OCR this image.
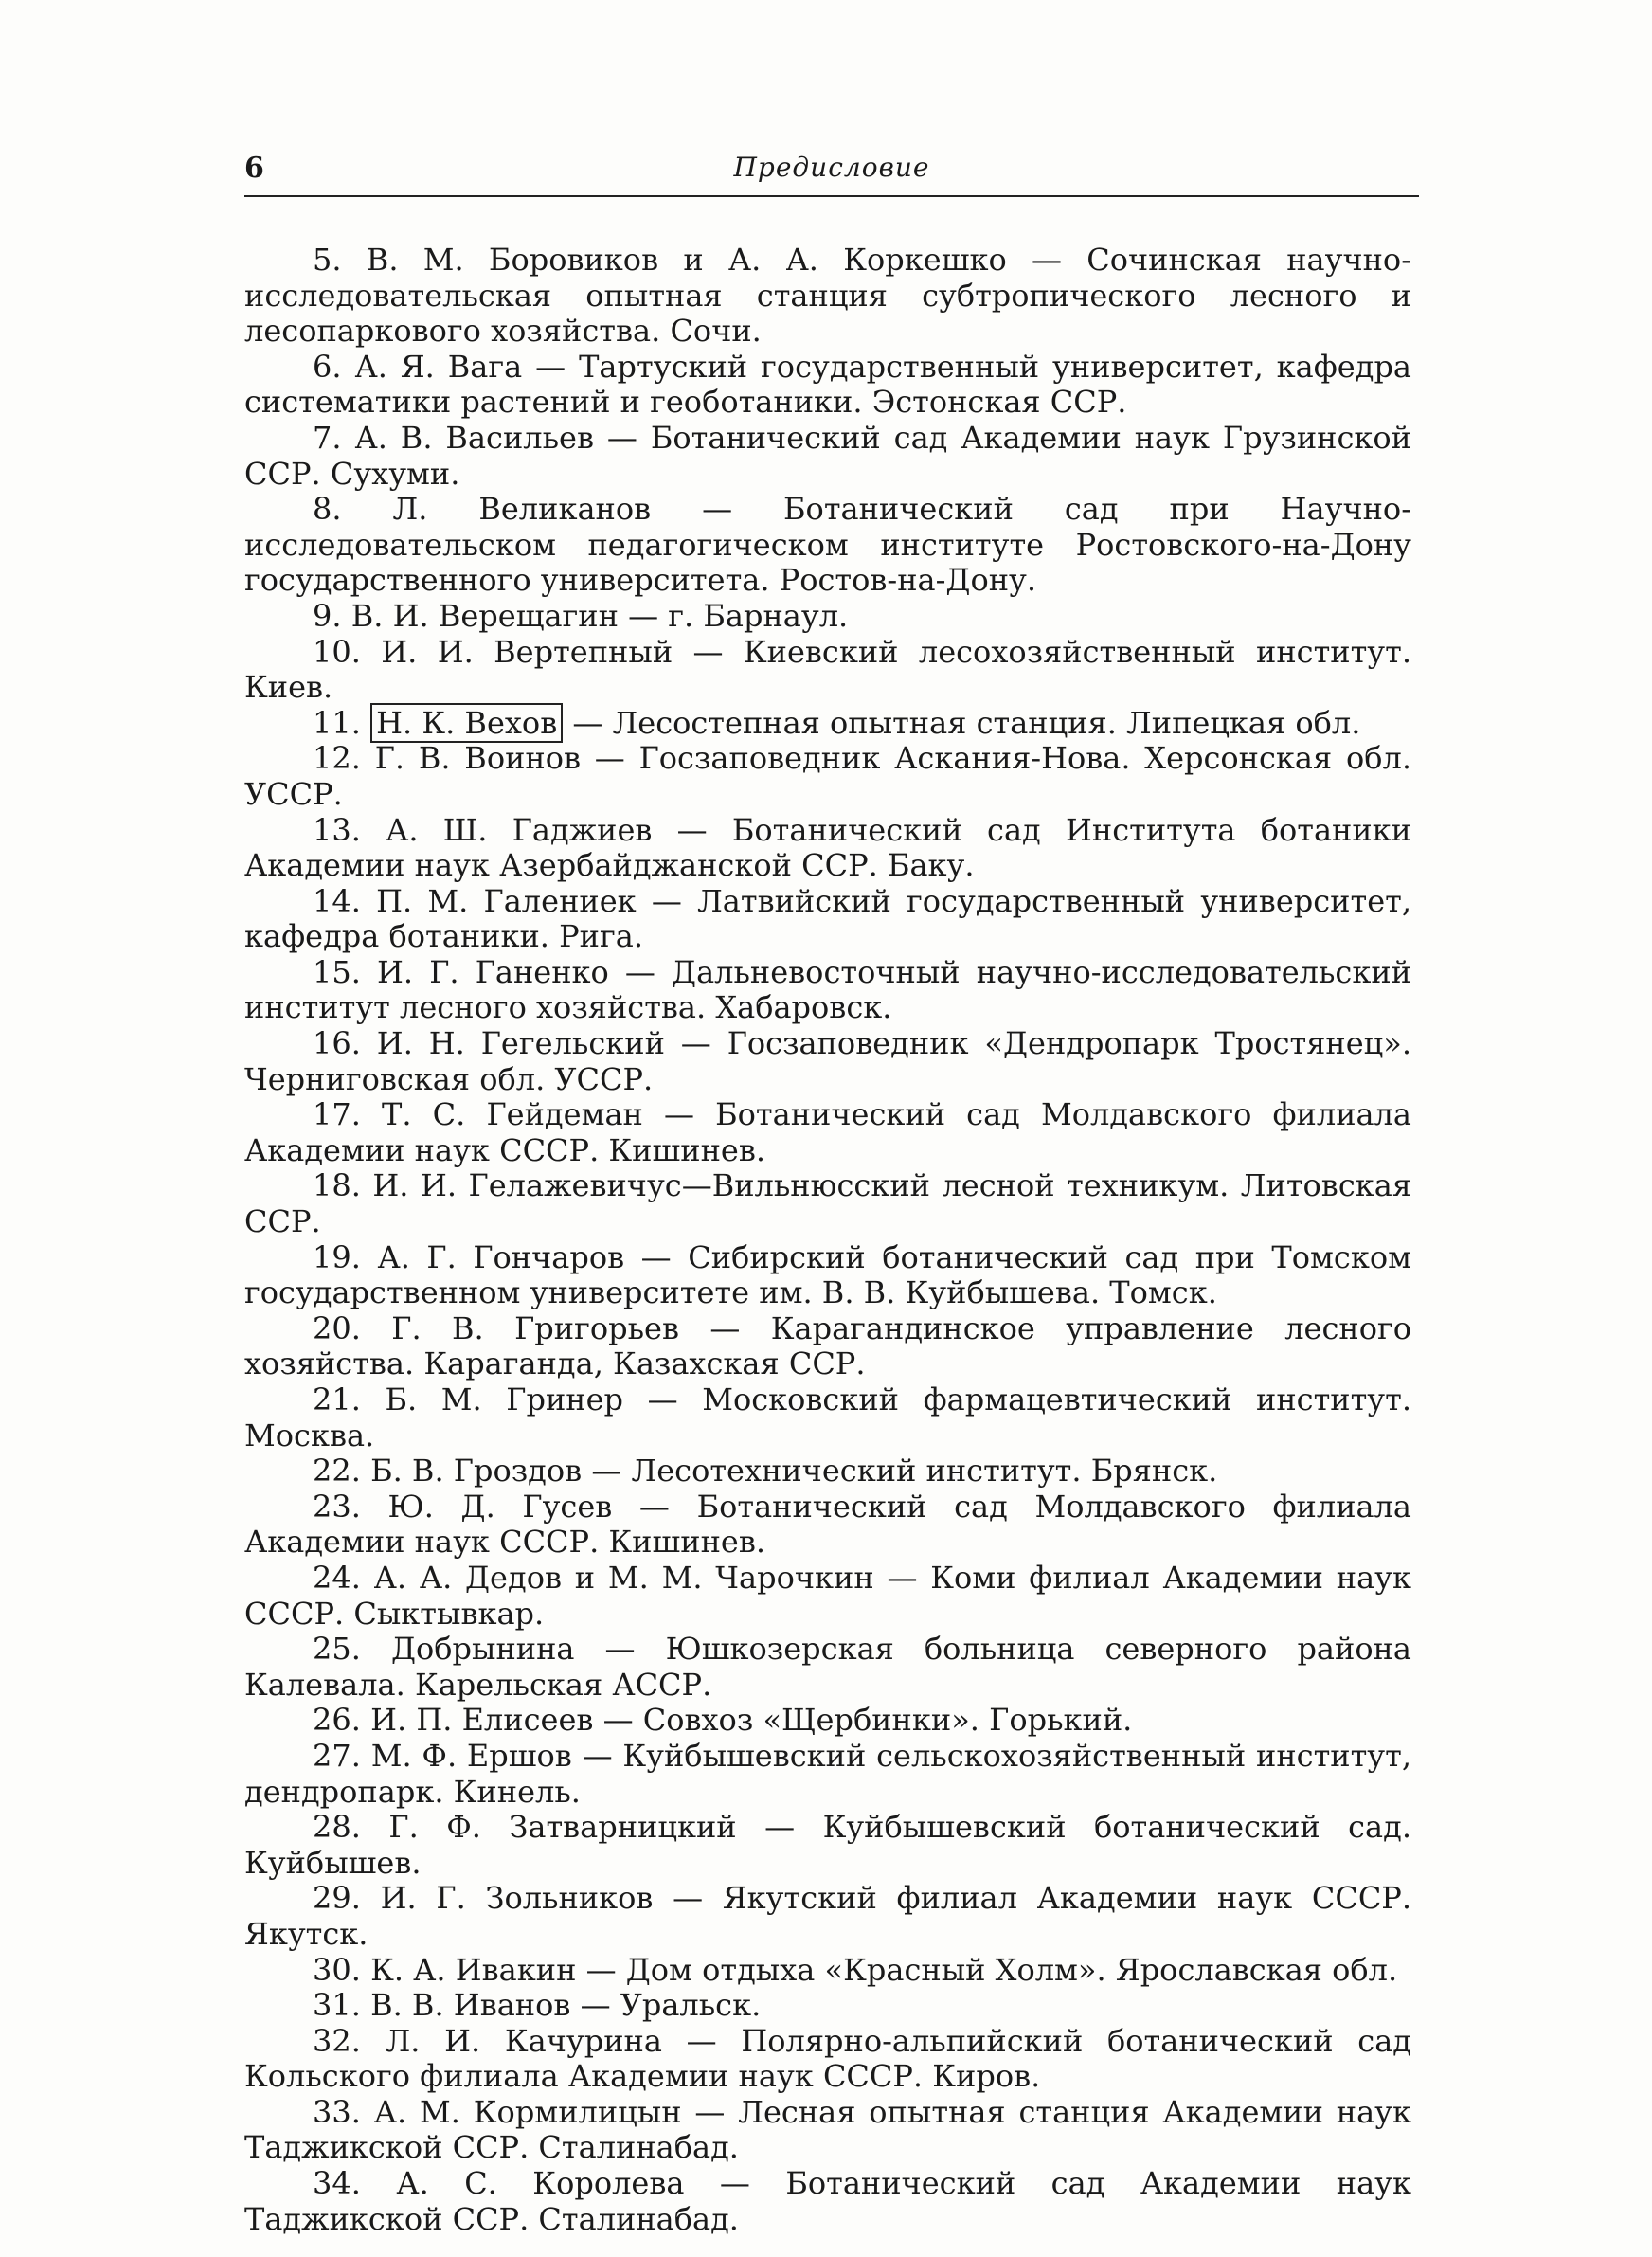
6	Предисловие

5. В. М. Боровиков и А. А. Коркешко — Сочинская научно-исследовательская опытная станция субтропического лесного и лесопаркового хозяйства. Сочи.

6. А. Я. Вага — Тартуский государственный университет, кафедра систематики растений и геоботаники. Эстонская ССР.

7. А. В. Васильев — Ботанический сад Академии наук Грузинской ССР. Сухуми.

8. Л. Великанов — Ботанический сад при Научно-исследовательском педагогическом институте Ростовского-на-Дону государственного университета. Ростов-на-Дону.

9. В. И. Верещагин — г. Барнаул.

10. И. И. Вертепный — Киевский лесохозяйственный институт. Киев.

11. Н. К. Вехов — Лесостепная опытная станция. Липецкая обл.

12. Г. В. Воинов — Госзаповедник Аскания-Нова. Херсонская обл. УССР.

13. А. Ш. Гаджиев — Ботанический сад Института ботаники Академии наук Азербайджанской ССР. Баку.

14. П. М. Галениек — Латвийский государственный университет, кафедра ботаники. Рига.

15. И. Г. Ганенко — Дальневосточный научно-исследовательский институт лесного хозяйства. Хабаровск.

16. И. Н. Гегельский — Госзаповедник «Дендропарк Тростянец». Черниговская обл. УССР.

17. Т. С. Гейдеман — Ботанический сад Молдавского филиала Академии наук СССР. Кишинев.

18. И. И. Гелажевичус—Вильнюсский лесной техникум. Литовская ССР.

19. А. Г. Гончаров — Сибирский ботанический сад при Томском государственном университете им. В. В. Куйбышева. Томск.

20. Г. В. Григорьев — Карагандинское управление лесного хозяйства. Караганда, Казахская ССР.

21. Б. М. Гринер — Московский фармацевтический институт. Москва.

22. Б. В. Гроздов — Лесотехнический институт. Брянск.

23. Ю. Д. Гусев — Ботанический сад Молдавского филиала Академии наук СССР. Кишинев.

24. А. А. Дедов и М. М. Чарочкин — Коми филиал Академии наук СССР. Сыктывкар.

25. Добрынина — Юшкозерская больница северного района Калевала. Карельская АССР.

26. И. П. Елисеев — Совхоз «Щербинки». Горький.

27. М. Ф. Ершов — Куйбышевский сельскохозяйственный институт, дендропарк. Кинель.

28. Г. Ф. Затварницкий — Куйбышевский ботанический сад. Куйбышев.

29. И. Г. Зольников — Якутский филиал Академии наук СССР. Якутск.

30. К. А. Ивакин — Дом отдыха «Красный Холм». Ярославская обл.

31. В. В. Иванов — Уральск.

32. Л. И. Качурина — Полярно-альпийский ботанический сад Кольского филиала Академии наук СССР. Киров.

33. А. М. Кормилицын — Лесная опытная станция Академии наук Таджикской ССР. Сталинабад.

34. А. С. Королева — Ботанический сад Академии наук Таджикской ССР. Сталинабад.
